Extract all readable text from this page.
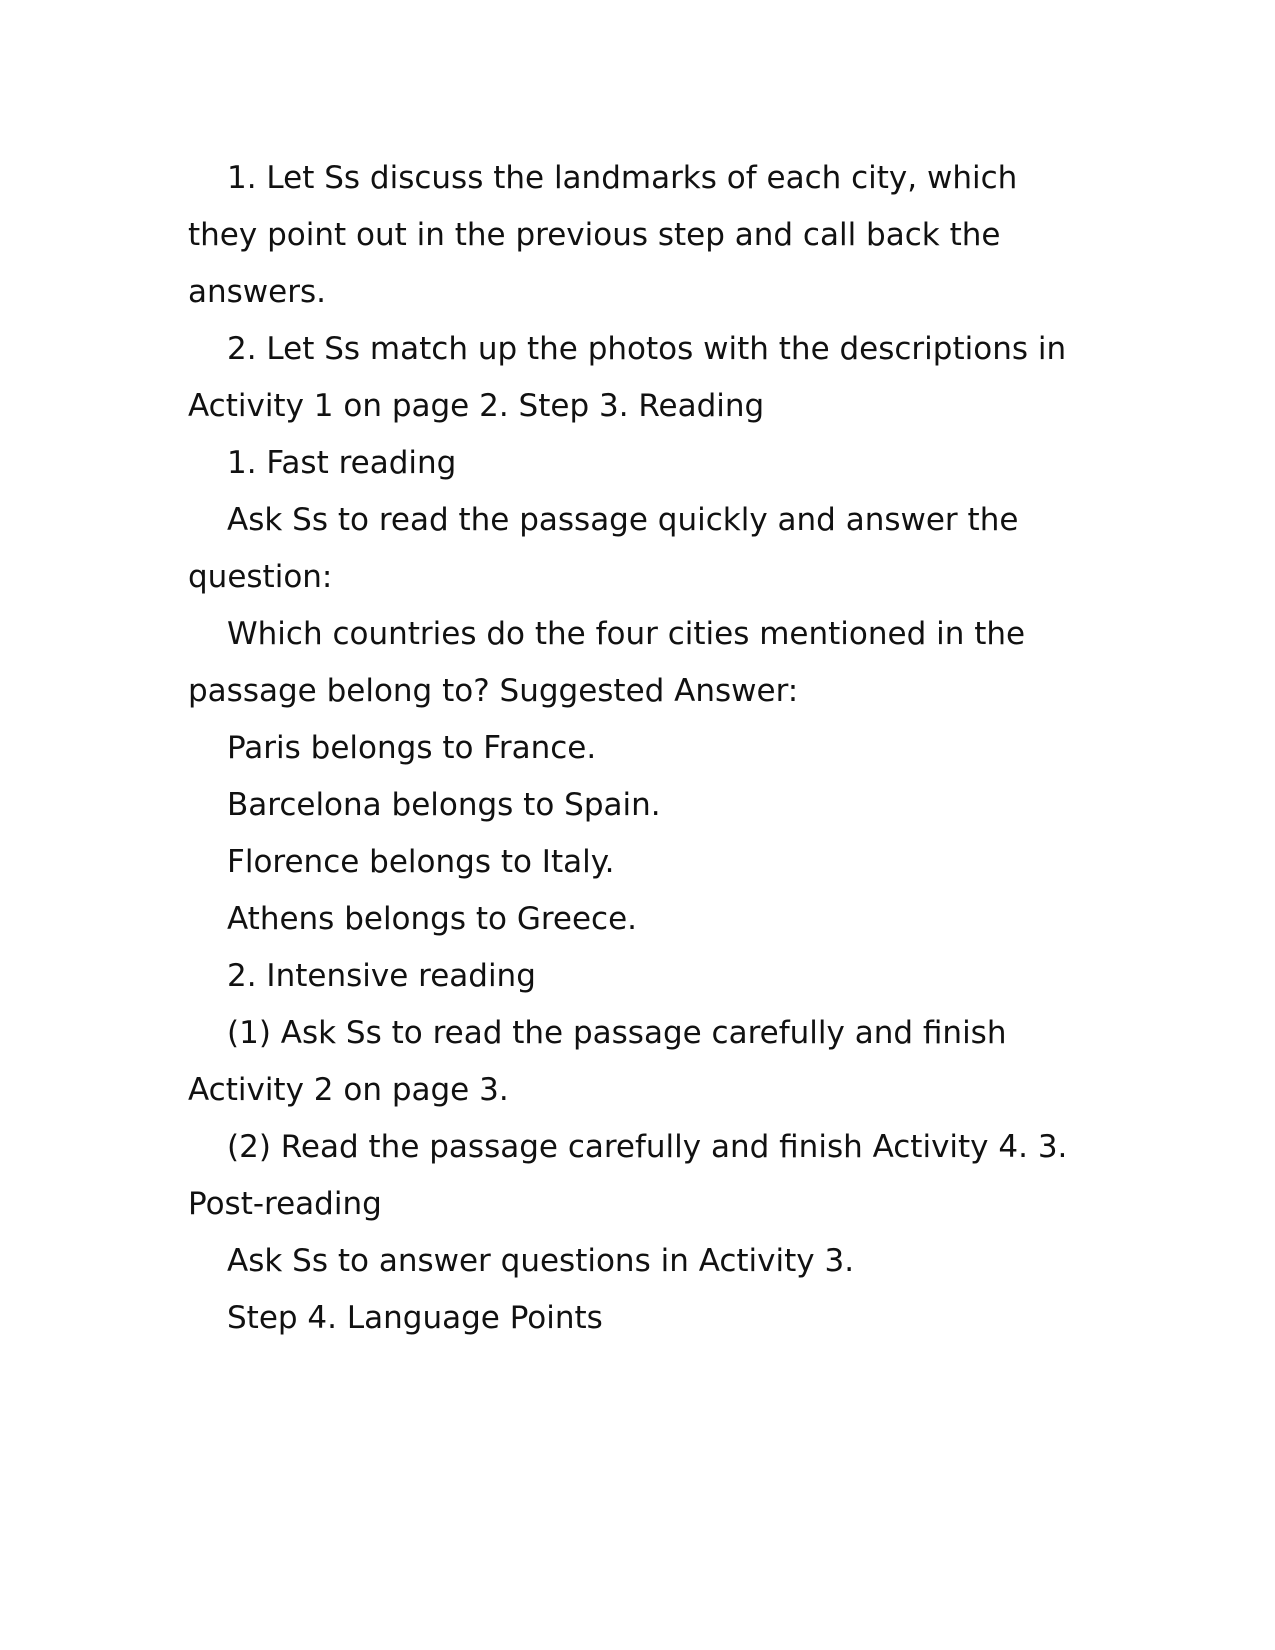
1. Let Ss discuss the landmarks of each city, which they point out in the previous step and call back the answers.

2. Let Ss match up the photos with the descriptions in Activity 1 on page 2. Step 3. Reading

1. Fast reading

Ask Ss to read the passage quickly and answer the question:

Which countries do the four cities mentioned in the passage belong to? Suggested Answer:

Paris belongs to France.

Barcelona belongs to Spain.

Florence belongs to Italy.

Athens belongs to Greece.

2. Intensive reading

(1) Ask Ss to read the passage carefully and finish Activity 2 on page 3.

(2) Read the passage carefully and finish Activity 4. 3. Post-reading

Ask Ss to answer questions in Activity 3.

Step 4. Language Points
